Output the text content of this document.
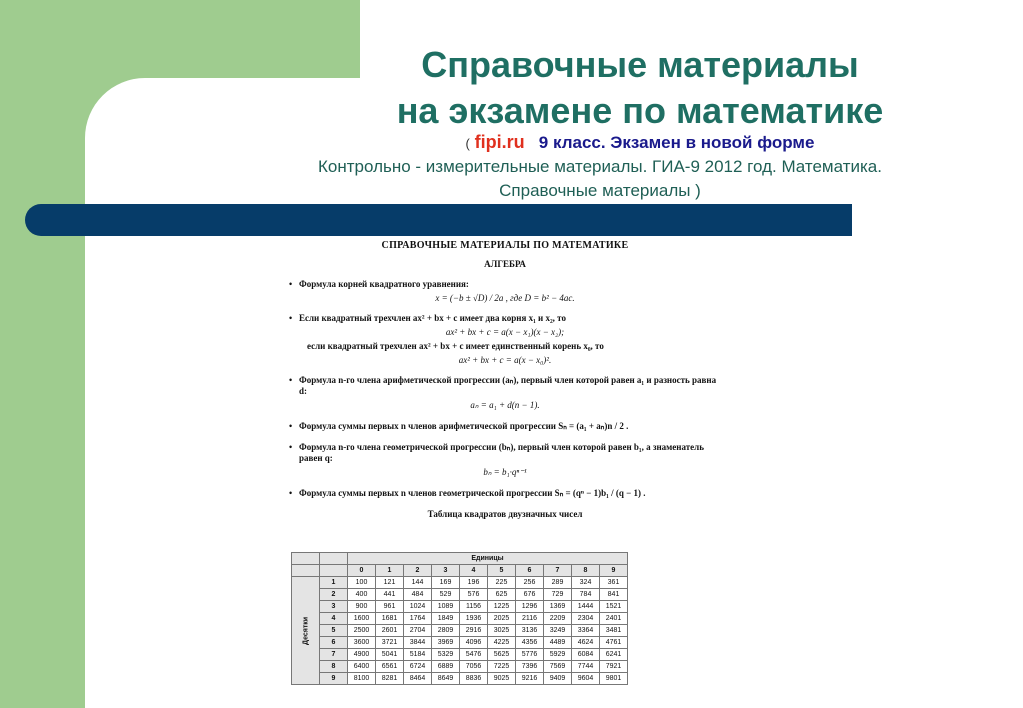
Справочные материалы
на экзамене по математике
( fipi.ru 9 класс. Экзамен в новой форме
Контрольно - измерительные материалы. ГИА-9 2012 год. Математика.
Справочные материалы )
СПРАВОЧНЫЕ МАТЕРИАЛЫ ПО МАТЕМАТИКЕ
АЛГЕБРА
• Формула корней квадратного уравнения:
x = (−b ± √D) / 2a , где D = b² − 4ac.
• Если квадратный трехчлен ax² + bx + c имеет два корня x₁ и x₂, то
ax² + bx + c = a(x − x₁)(x − x₂);
если квадратный трехчлен ax² + bx + c имеет единственный корень x₀, то
ax² + bx + c = a(x − x₀)².
• Формула n-го члена арифметической прогрессии (aₙ), первый член которой равен a₁ и разность равна d:
aₙ = a₁ + d(n − 1).
• Формула суммы первых n членов арифметической прогрессии Sₙ = (a₁ + aₙ)n / 2 .
• Формула n-го члена геометрической прогрессии (bₙ), первый член которой равен b₁, а знаменатель равен q:
bₙ = b₁·qⁿ⁻¹
• Формула суммы первых n членов геометрической прогрессии Sₙ = (qⁿ − 1)b₁ / (q − 1) .
Таблица квадратов двузначных чисел
		Единицы									
		0	1	2	3	4	5	6	7	8	9
Десятки	1	100	121	144	169	196	225	256	289	324	361
	2	400	441	484	529	576	625	676	729	784	841
	3	900	961	1024	1089	1156	1225	1296	1369	1444	1521
	4	1600	1681	1764	1849	1936	2025	2116	2209	2304	2401
	5	2500	2601	2704	2809	2916	3025	3136	3249	3364	3481
	6	3600	3721	3844	3969	4096	4225	4356	4489	4624	4761
	7	4900	5041	5184	5329	5476	5625	5776	5929	6084	6241
	8	6400	6561	6724	6889	7056	7225	7396	7569	7744	7921
	9	8100	8281	8464	8649	8836	9025	9216	9409	9604	9801
